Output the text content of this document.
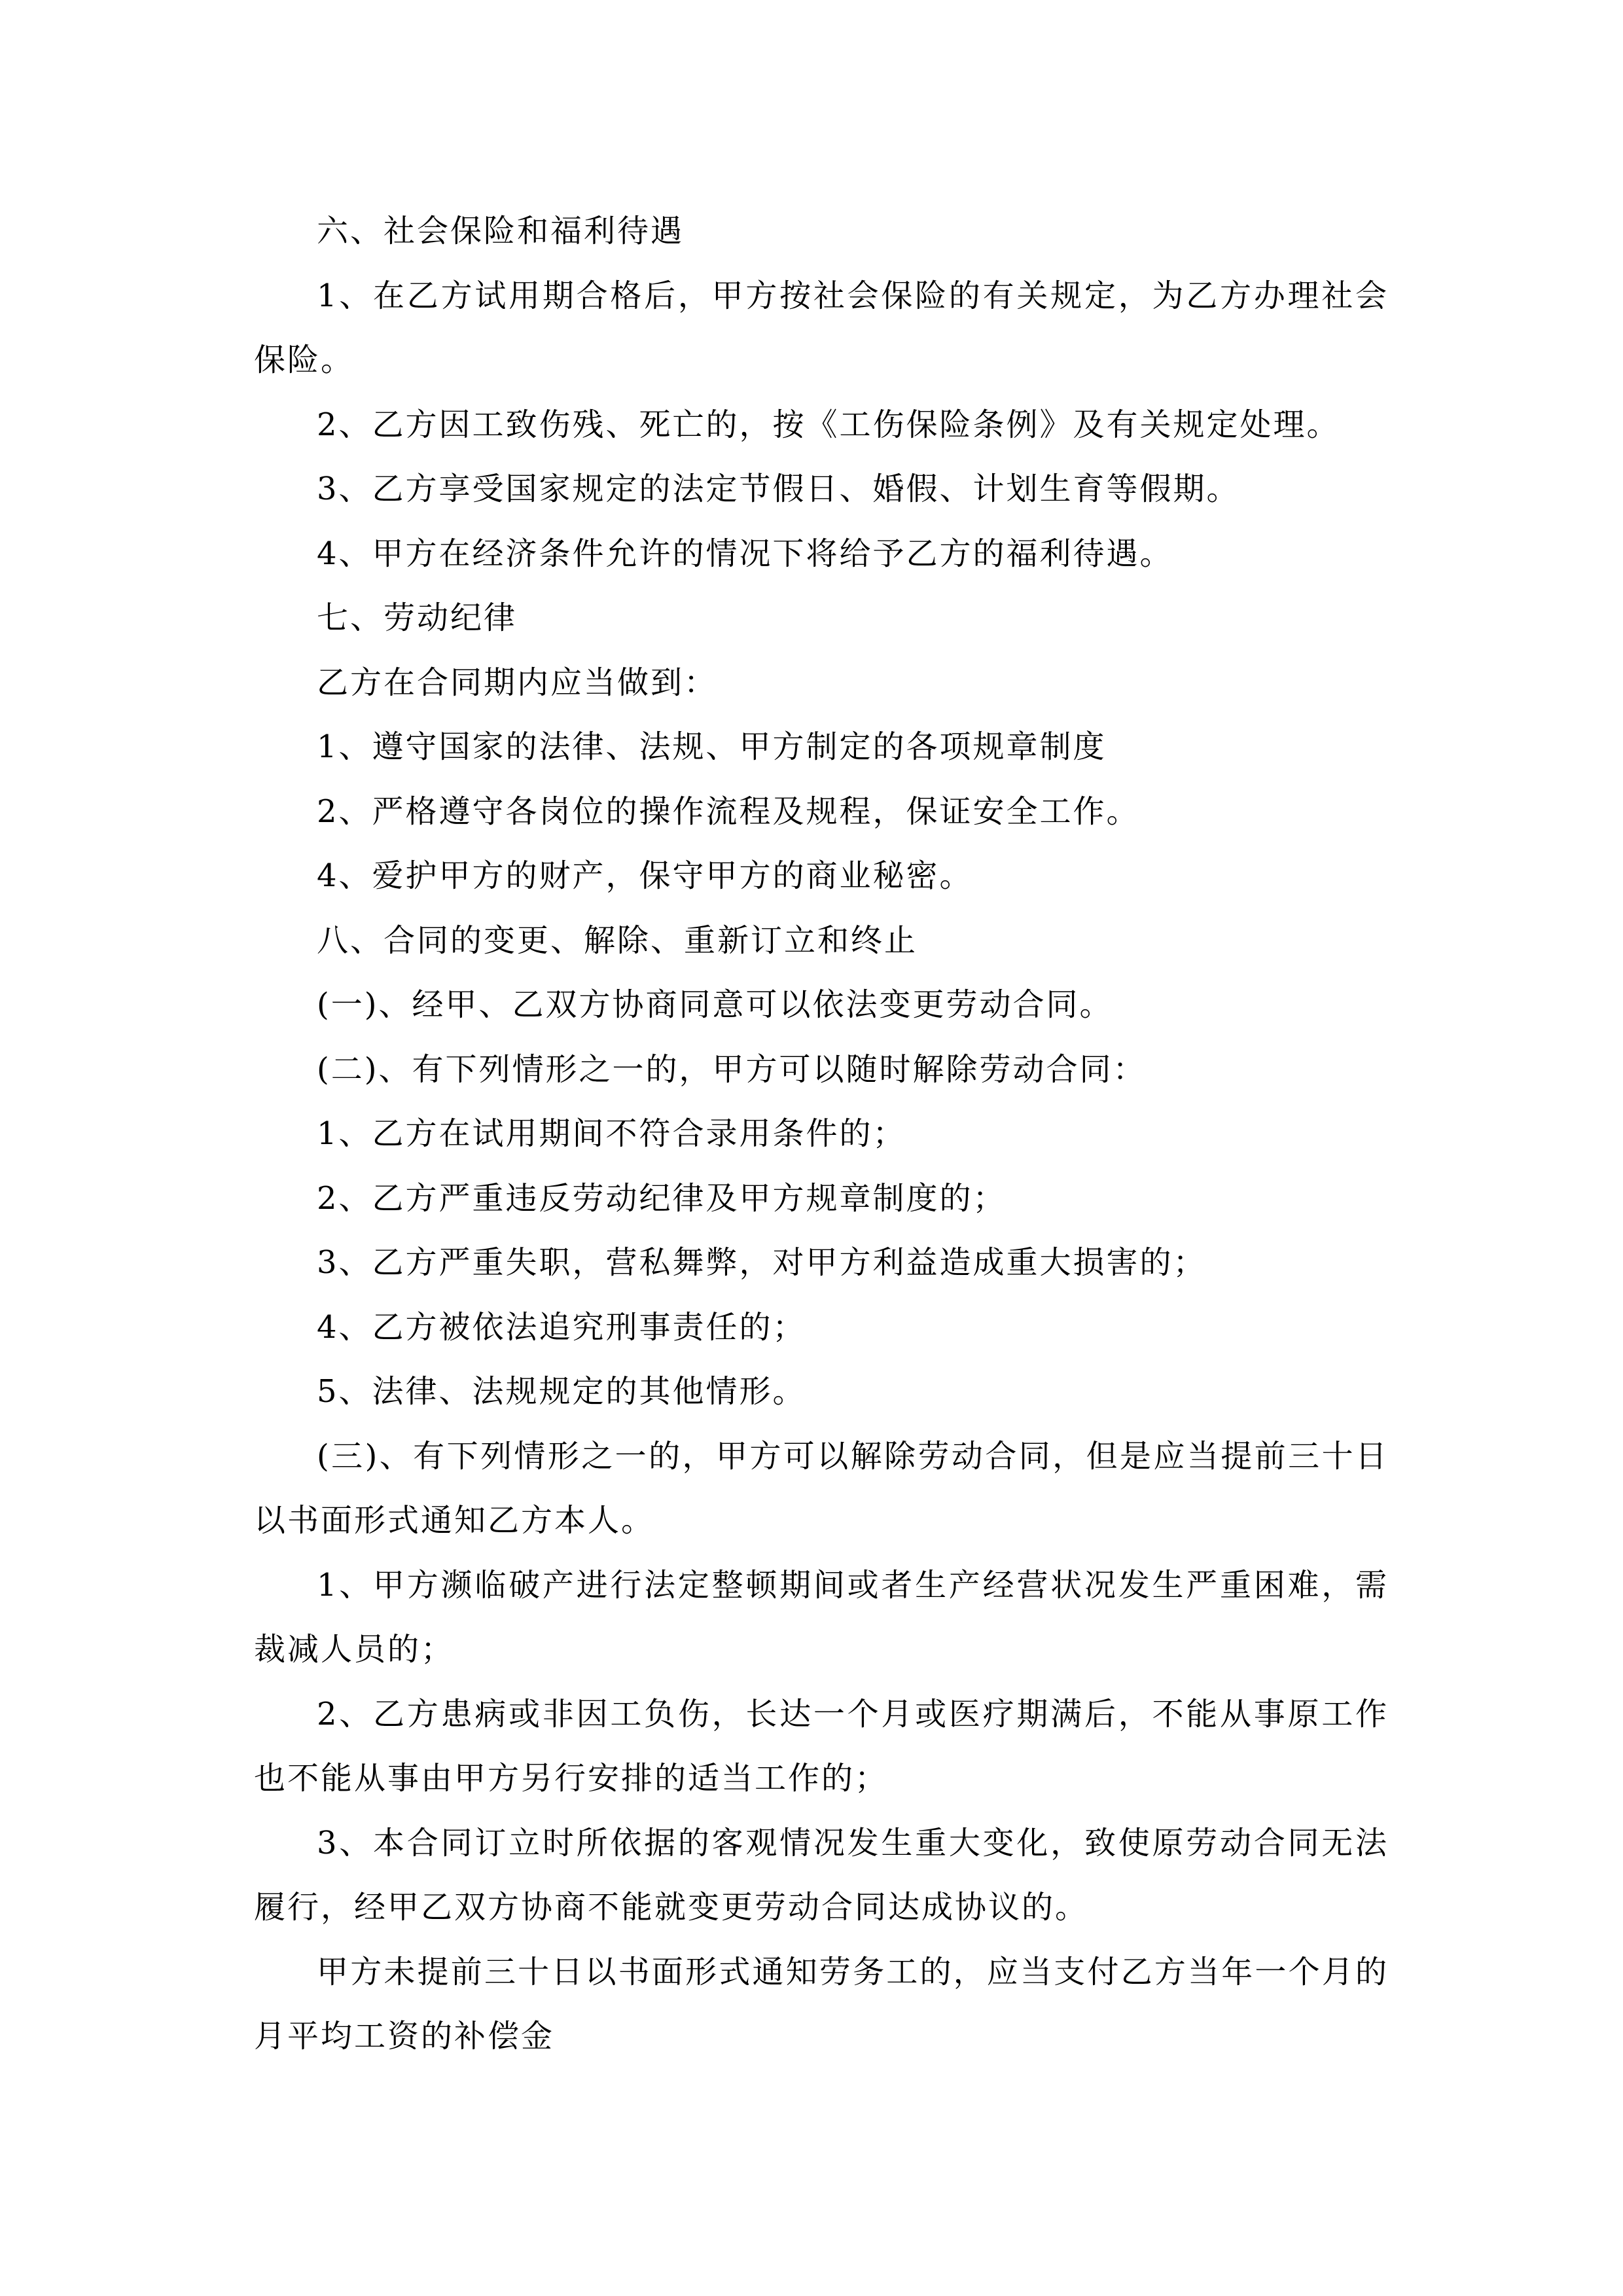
六、社会保险和福利待遇

1、在乙方试用期合格后，甲方按社会保险的有关规定，为乙方办理社会保险。

2、乙方因工致伤残、死亡的，按《工伤保险条例》及有关规定处理。

3、乙方享受国家规定的法定节假日、婚假、计划生育等假期。

4、甲方在经济条件允许的情况下将给予乙方的福利待遇。

七、劳动纪律

乙方在合同期内应当做到：

1、遵守国家的法律、法规、甲方制定的各项规章制度

2、严格遵守各岗位的操作流程及规程，保证安全工作。

4、爱护甲方的财产，保守甲方的商业秘密。

八、合同的变更、解除、重新订立和终止

(一)、经甲、乙双方协商同意可以依法变更劳动合同。

(二)、有下列情形之一的，甲方可以随时解除劳动合同：

1、乙方在试用期间不符合录用条件的；

2、乙方严重违反劳动纪律及甲方规章制度的；

3、乙方严重失职，营私舞弊，对甲方利益造成重大损害的；

4、乙方被依法追究刑事责任的；

5、法律、法规规定的其他情形。

(三)、有下列情形之一的，甲方可以解除劳动合同，但是应当提前三十日以书面形式通知乙方本人。

1、甲方濒临破产进行法定整顿期间或者生产经营状况发生严重困难，需裁减人员的；

2、乙方患病或非因工负伤，长达一个月或医疗期满后，不能从事原工作也不能从事由甲方另行安排的适当工作的；

3、本合同订立时所依据的客观情况发生重大变化，致使原劳动合同无法履行，经甲乙双方协商不能就变更劳动合同达成协议的。

甲方未提前三十日以书面形式通知劳务工的，应当支付乙方当年一个月的月平均工资的补偿金
